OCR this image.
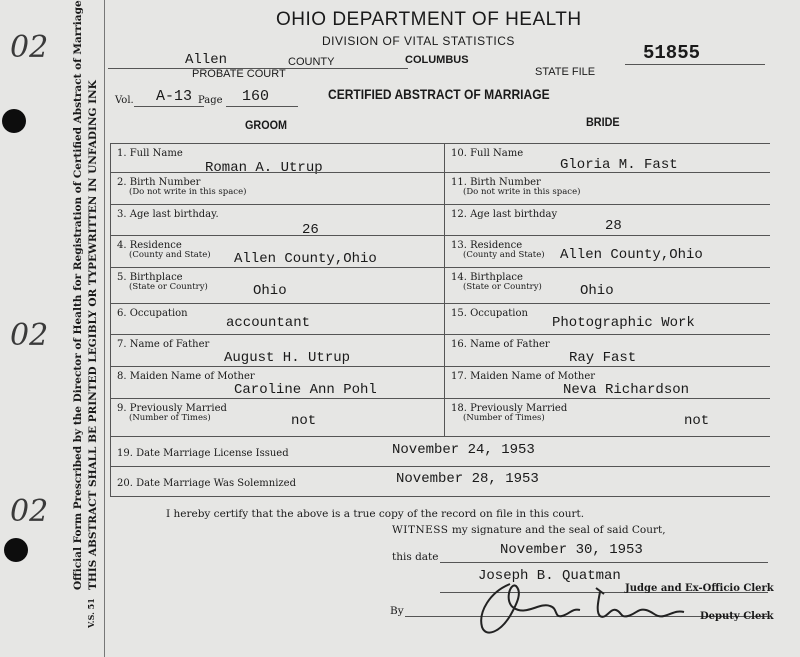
02
02
02 Official Form Prescribed by the Director of Health for Registration of Certified Abstract of Marriage THIS ABSTRACT SHALL BE PRINTED LEGIBLY OR TYPEWRITTEN IN UNFADING INK
V.S. 51
OHIO DEPARTMENT OF HEALTH
DIVISION OF VITAL STATISTICS
Allen	COUNTY	COLUMBUS	51855
PROBATE COURT	STATE FILE
Vol. A-13 Page 160	CERTIFIED ABSTRACT OF MARRIAGE
GROOM	BRIDE
1. Full Name
Roman A. Utrup
2. Birth Number
(Do not write in this space)
3. Age last birthday.
26
4. Residence
(County and State) Allen County,Ohio
5. Birthplace
(State or Country)	Ohio
6. Occupation
accountant
7. Name of Father
August H. Utrup
8. Maiden Name of Mother
Caroline Ann Pohl
9. Previously Married
(Number of Times)	not
10. Full Name
Gloria M. Fast
11. Birth Number
(Do not write in this space)
12. Age last birthday
28
13. Residence
(County and State) Allen County,Ohio
14. Birthplace
(State or Country)	Ohio
15. Occupation
Photographic Work
16. Name of Father
Ray Fast
17. Maiden Name of Mother
Neva Richardson
18. Previously Married
(Number of Times)	not
19. Date Marriage License Issued	November 24, 1953
20. Date Marriage Was Solemnized	November 28, 1953
I hereby certify that the above is a true copy of the record on file in this court.
WITNESS my signature and the seal of said Court,
this date	November 30, 1953
Joseph B. Quatman
Judge and Ex-Officio Clerk
By	Deputy Clerk
